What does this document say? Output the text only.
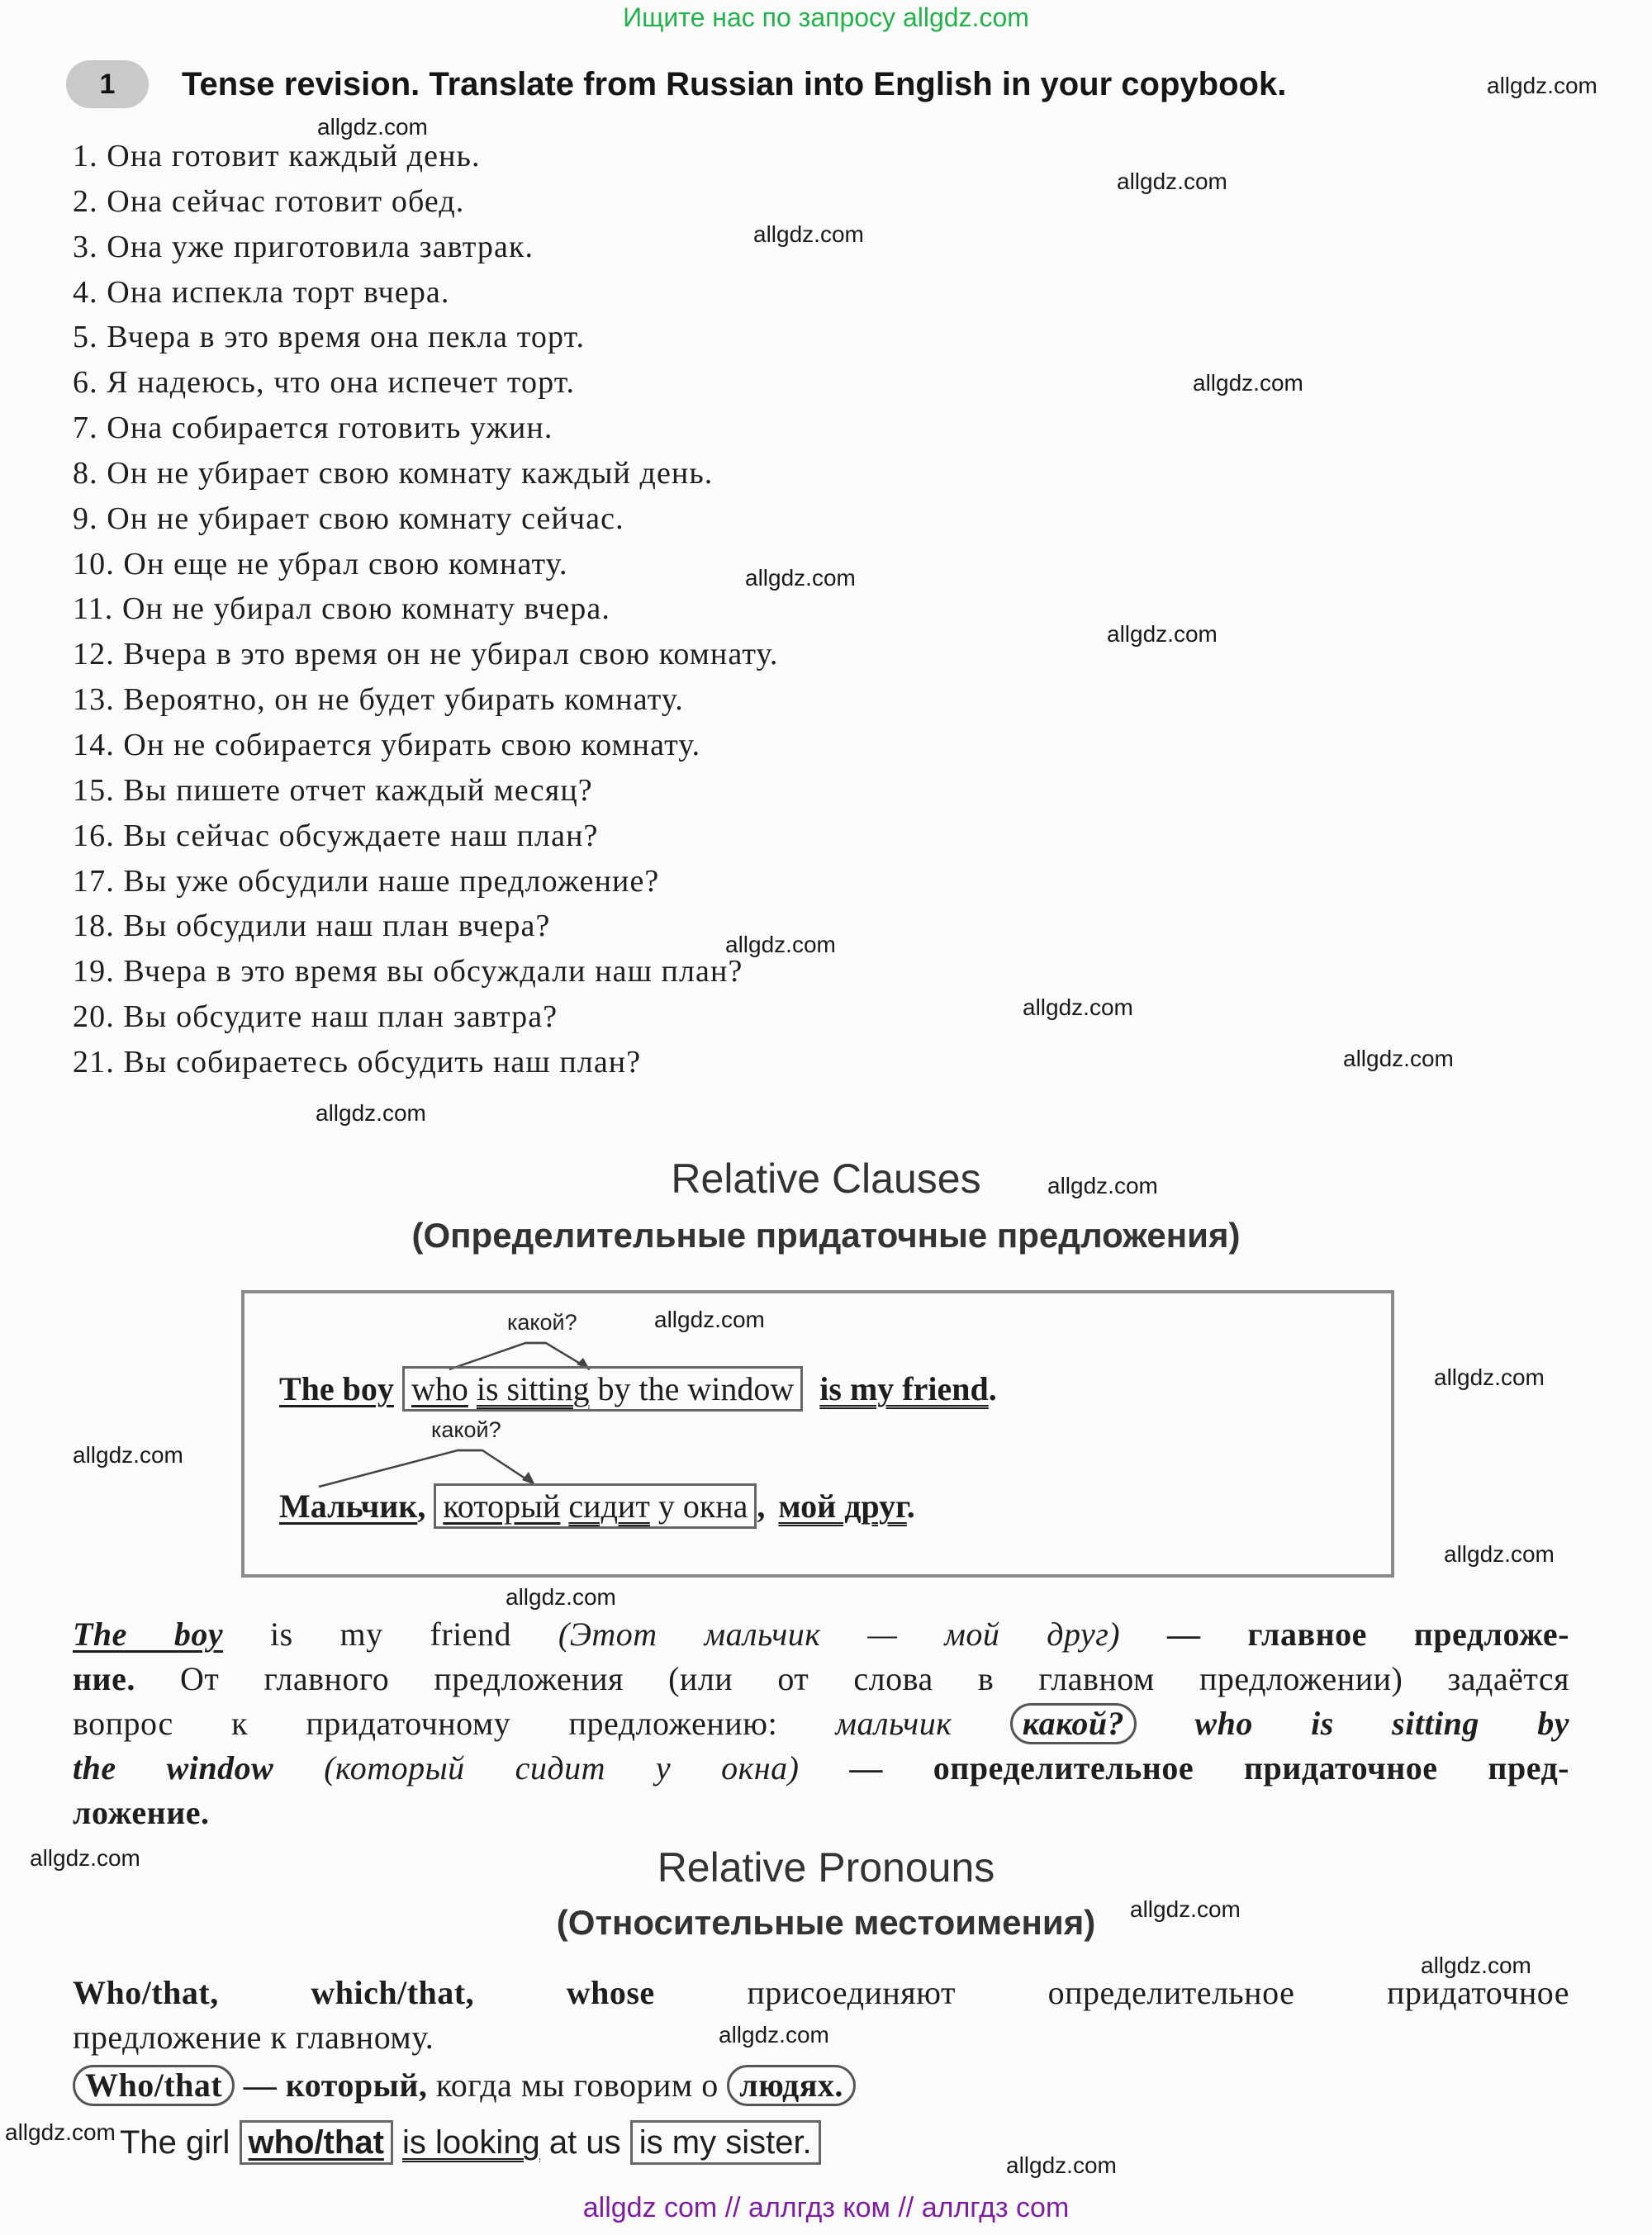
Ищите нас по запросу allgdz.com
1	Tense revision. Translate from Russian into English in your copybook.
1. Она готовит каждый день.
2. Она сейчас готовит обед.
3. Она уже приготовила завтрак.
4. Она испекла торт вчера.
5. Вчера в это время она пекла торт.
6. Я надеюсь, что она испечет торт.
7. Она собирается готовить ужин.
8. Он не убирает свою комнату каждый день.
9. Он не убирает свою комнату сейчас.
10. Он еще не убрал свою комнату.
11. Он не убирал свою комнату вчера.
12. Вчера в это время он не убирал свою комнату.
13. Вероятно, он не будет убирать комнату.
14. Он не собирается убирать свою комнату.
15. Вы пишете отчет каждый месяц?
16. Вы сейчас обсуждаете наш план?
17. Вы уже обсудили наше предложение?
18. Вы обсудили наш план вчера?
19. Вчера в это время вы обсуждали наш план?
20. Вы обсудите наш план завтра?
21. Вы собираетесь обсудить наш план?
Relative Clauses
(Определительные придаточные предложения)
какой?
The boy who is sitting by the window is my friend.
какой?
Мальчик, который сидит у окна , мой друг.
The boy is my friend (Этот мальчик — мой друг) — главное предложе-
ние. От главного предложения (или от слова в главном предложении) задаётся
вопрос к придаточному предложению: мальчик какой? who is sitting by
the window (который сидит у окна) — определительное придаточное пред-
ложение.
Relative Pronouns
(Относительные местоимения)
Who/that, which/that, whose присоединяют определительное придаточное
предложение к главному.
Who/that — который, когда мы говорим о людях.
The girl who/that is looking at us is my sister.
allgdz.com
allgdz.com
allgdz.com
allgdz.com
allgdz.com
allgdz.com
allgdz.com
allgdz.com
allgdz.com
allgdz.com
allgdz.com
allgdz.com
allgdz.com
allgdz.com
allgdz.com
allgdz.com
allgdz.com
allgdz.com
allgdz.com
allgdz.com
allgdz.com
allgdz.com
allgdz.com
allgdz com // аллгдз ком // аллгдз com
